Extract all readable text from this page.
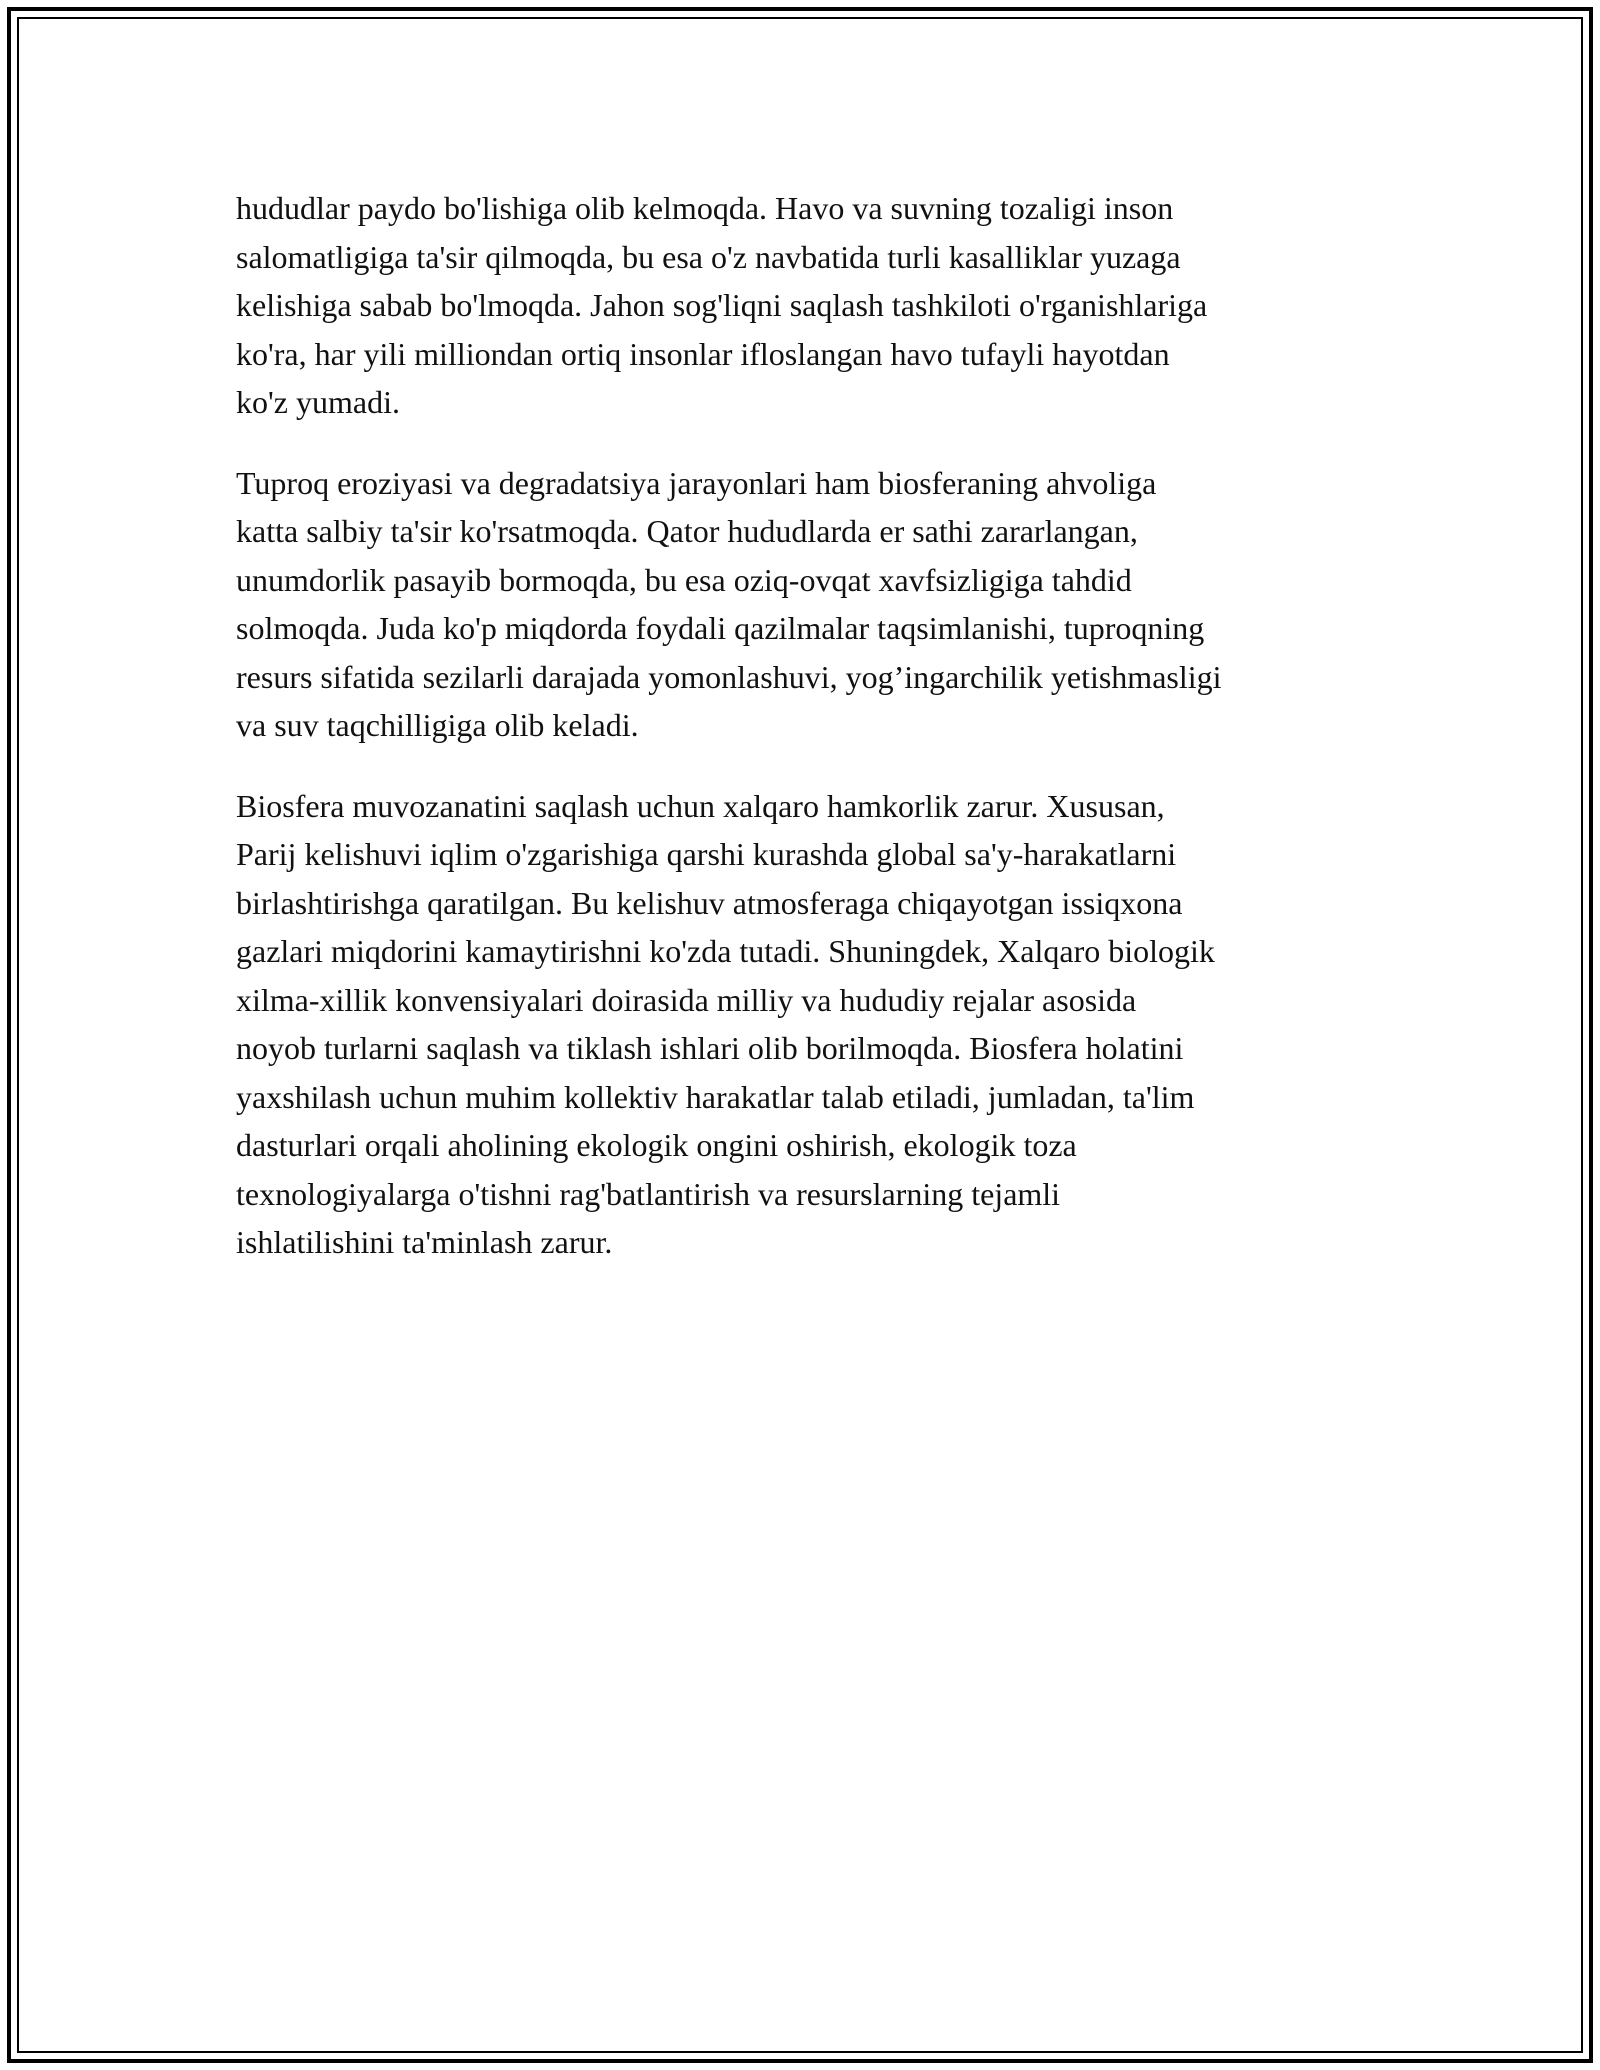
hududlar paydo bo'lishiga olib kelmoqda. Havo va suvning tozaligi inson
salomatligiga ta'sir qilmoqda, bu esa o'z navbatida turli kasalliklar yuzaga
kelishiga sabab bo'lmoqda. Jahon sog'liqni saqlash tashkiloti o'rganishlariga
ko'ra, har yili milliondan ortiq insonlar ifloslangan havo tufayli hayotdan
ko'z yumadi.

Tuproq eroziyasi va degradatsiya jarayonlari ham biosferaning ahvoliga
katta salbiy ta'sir ko'rsatmoqda. Qator hududlarda er sathi zararlangan,
unumdorlik pasayib bormoqda, bu esa oziq-ovqat xavfsizligiga tahdid
solmoqda. Juda ko'p miqdorda foydali qazilmalar taqsimlanishi, tuproqning
resurs sifatida sezilarli darajada yomonlashuvi, yog’ingarchilik yetishmasligi
va suv taqchilligiga olib keladi.

Biosfera muvozanatini saqlash uchun xalqaro hamkorlik zarur. Xususan,
Parij kelishuvi iqlim o'zgarishiga qarshi kurashda global sa'y-harakatlarni
birlashtirishga qaratilgan. Bu kelishuv atmosferaga chiqayotgan issiqxona
gazlari miqdorini kamaytirishni ko'zda tutadi. Shuningdek, Xalqaro biologik
xilma-xillik konvensiyalari doirasida milliy va hududiy rejalar asosida
noyob turlarni saqlash va tiklash ishlari olib borilmoqda. Biosfera holatini
yaxshilash uchun muhim kollektiv harakatlar talab etiladi, jumladan, ta'lim
dasturlari orqali aholining ekologik ongini oshirish, ekologik toza
texnologiyalarga o'tishni rag'batlantirish va resurslarning tejamli
ishlatilishini ta'minlash zarur.
